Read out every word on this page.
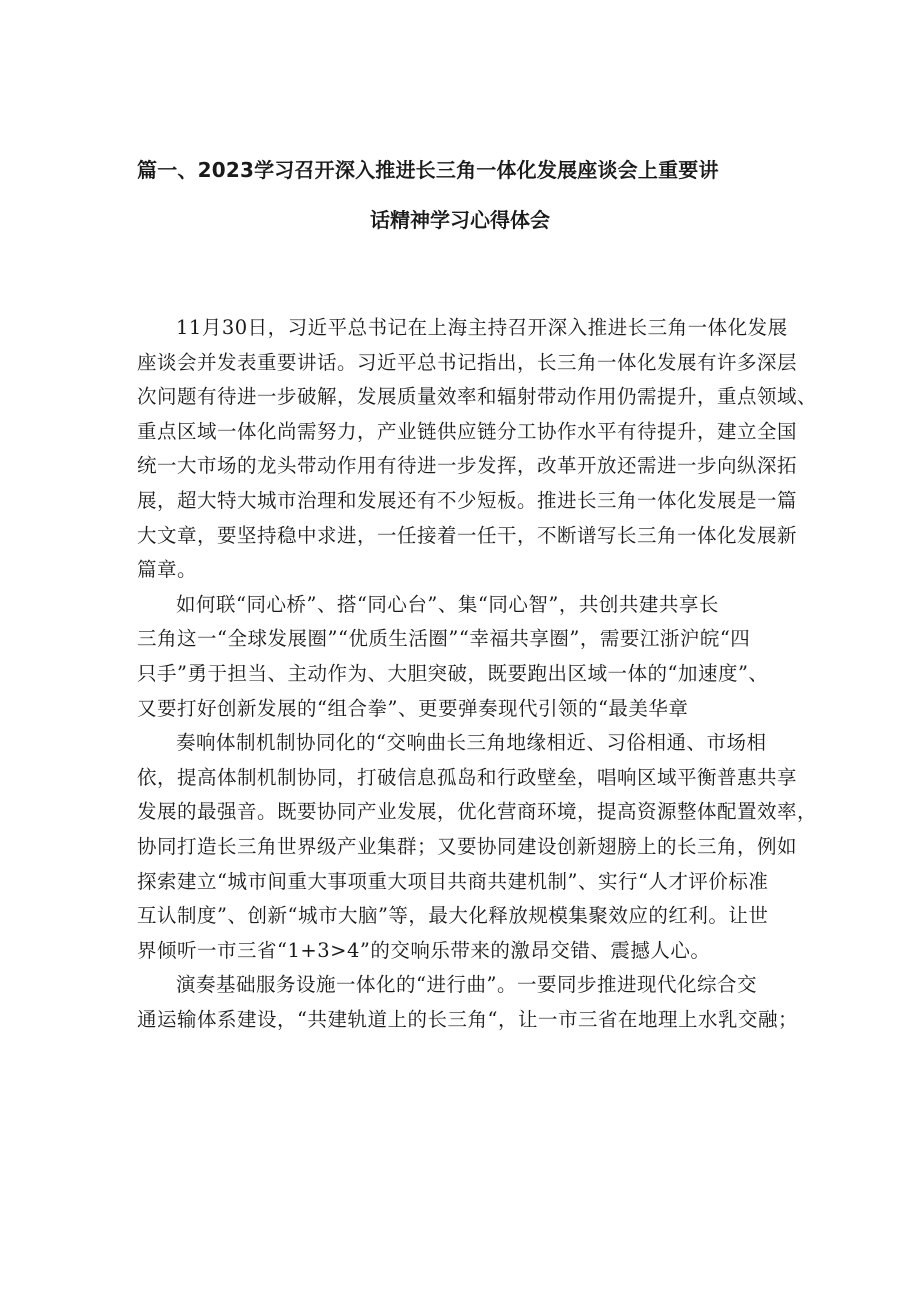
篇一、2023学习召开深入推进长三角一体化发展座谈会上重要讲
话精神学习心得体会
11月30日，习近平总书记在上海主持召开深入推进长三角一体化发展
座谈会并发表重要讲话。习近平总书记指出，长三角一体化发展有许多深层
次问题有待进一步破解，发展质量效率和辐射带动作用仍需提升，重点领域、
重点区域一体化尚需努力，产业链供应链分工协作水平有待提升，建立全国
统一大市场的龙头带动作用有待进一步发挥，改革开放还需进一步向纵深拓
展，超大特大城市治理和发展还有不少短板。推进长三角一体化发展是一篇
大文章，要坚持稳中求进，一任接着一任干，不断谱写长三角一体化发展新
篇章。
如何联“同心桥”、搭“同心台”、集“同心智”，共创共建共享长
三角这一“全球发展圈”“优质生活圈”“幸福共享圈”，需要江浙沪皖“四
只手”勇于担当、主动作为、大胆突破，既要跑出区域一体的“加速度”、
又要打好创新发展的“组合拳”、更要弹奏现代引领的“最美华章
奏响体制机制协同化的“交响曲长三角地缘相近、习俗相通、市场相
依，提高体制机制协同，打破信息孤岛和行政壁垒，唱响区域平衡普惠共享
发展的最强音。既要协同产业发展，优化营商环境，提高资源整体配置效率，
协同打造长三角世界级产业集群；又要协同建设创新翅膀上的长三角，例如
探索建立“城市间重大事项重大项目共商共建机制”、实行“人才评价标准
互认制度”、创新“城市大脑”等，最大化释放规模集聚效应的红利。让世
界倾听一市三省“1+3>4”的交响乐带来的激昂交错、震撼人心。
演奏基础服务设施一体化的“进行曲”。一要同步推进现代化综合交
通运输体系建设，“共建轨道上的长三角“，让一市三省在地理上水乳交融；
